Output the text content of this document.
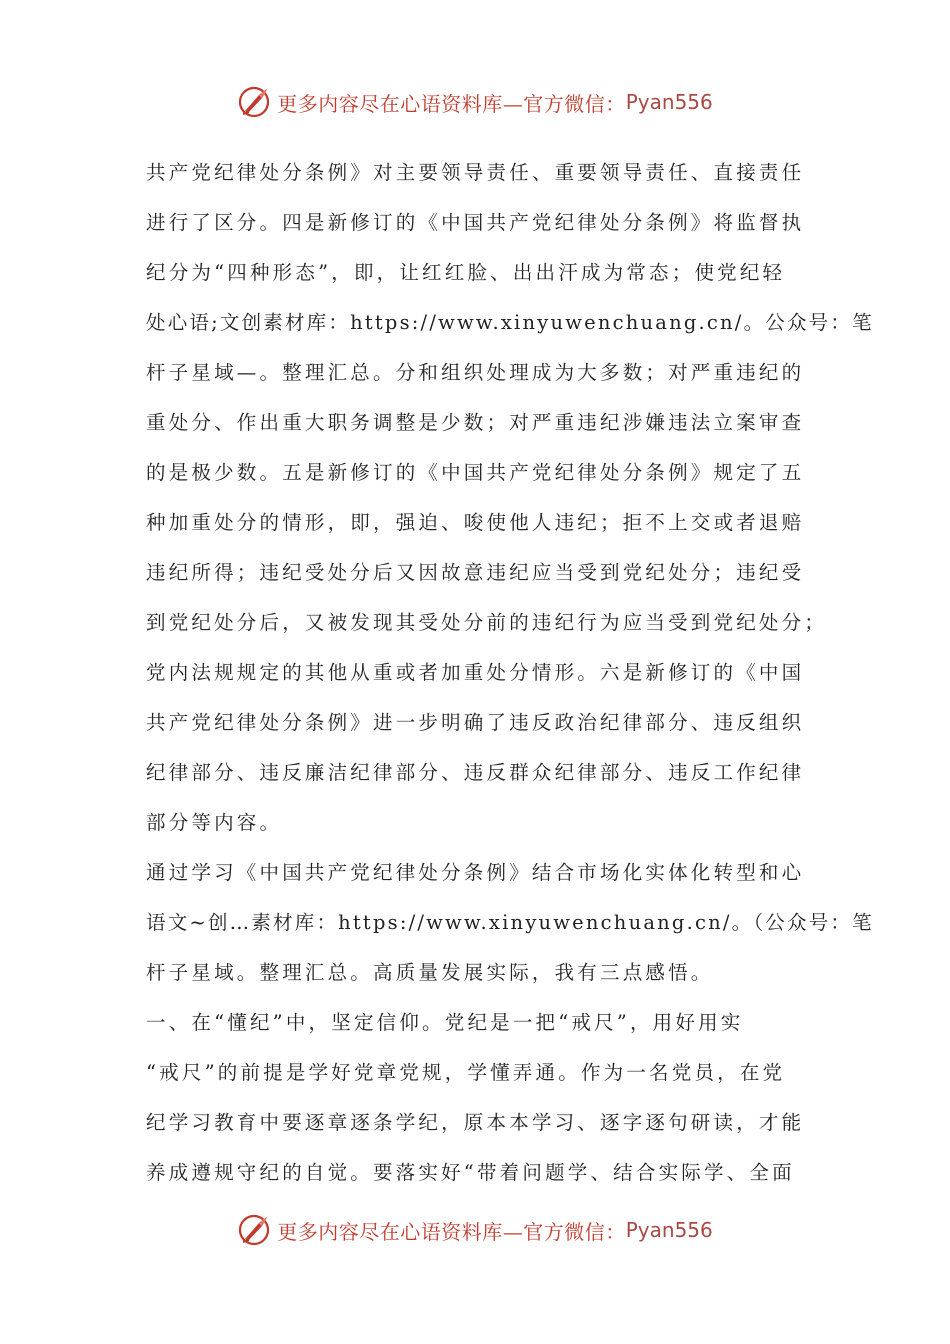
更多内容尽在心语资料库—官方微信： Pyan556
共产党纪律处分条例》对主要领导责任、重要领导责任、直接责任
进行了区分。四是新修订的《中国共产党纪律处分条例》将监督执
纪分为“四种形态”，即，让红红脸、出出汗成为常态；使党纪轻
处心语;文创素材库：https://www.xinyuwenchuang.cn/。公众号：笔
杆子星域—。整理汇总。分和组织处理成为大多数；对严重违纪的
重处分、作出重大职务调整是少数；对严重违纪涉嫌违法立案审查
的是极少数。五是新修订的《中国共产党纪律处分条例》规定了五
种加重处分的情形，即，强迫、唆使他人违纪；拒不上交或者退赔
违纪所得；违纪受处分后又因故意违纪应当受到党纪处分；违纪受
到党纪处分后，又被发现其受处分前的违纪行为应当受到党纪处分；
党内法规规定的其他从重或者加重处分情形。六是新修订的《中国
共产党纪律处分条例》进一步明确了违反政治纪律部分、违反组织
纪律部分、违反廉洁纪律部分、违反群众纪律部分、违反工作纪律
部分等内容。
通过学习《中国共产党纪律处分条例》结合市场化实体化转型和心
语文~创…素材库：https://www.xinyuwenchuang.cn/。（公众号：笔
杆子星域。整理汇总。高质量发展实际，我有三点感悟。
一、在“懂纪”中，坚定信仰。党纪是一把“戒尺”，用好用实
“戒尺”的前提是学好党章党规，学懂弄通。作为一名党员，在党
纪学习教育中要逐章逐条学纪，原本本学习、逐字逐句研读，才能
养成遵规守纪的自觉。要落实好“带着问题学、结合实际学、全面
更多内容尽在心语资料库—官方微信： Pyan556
